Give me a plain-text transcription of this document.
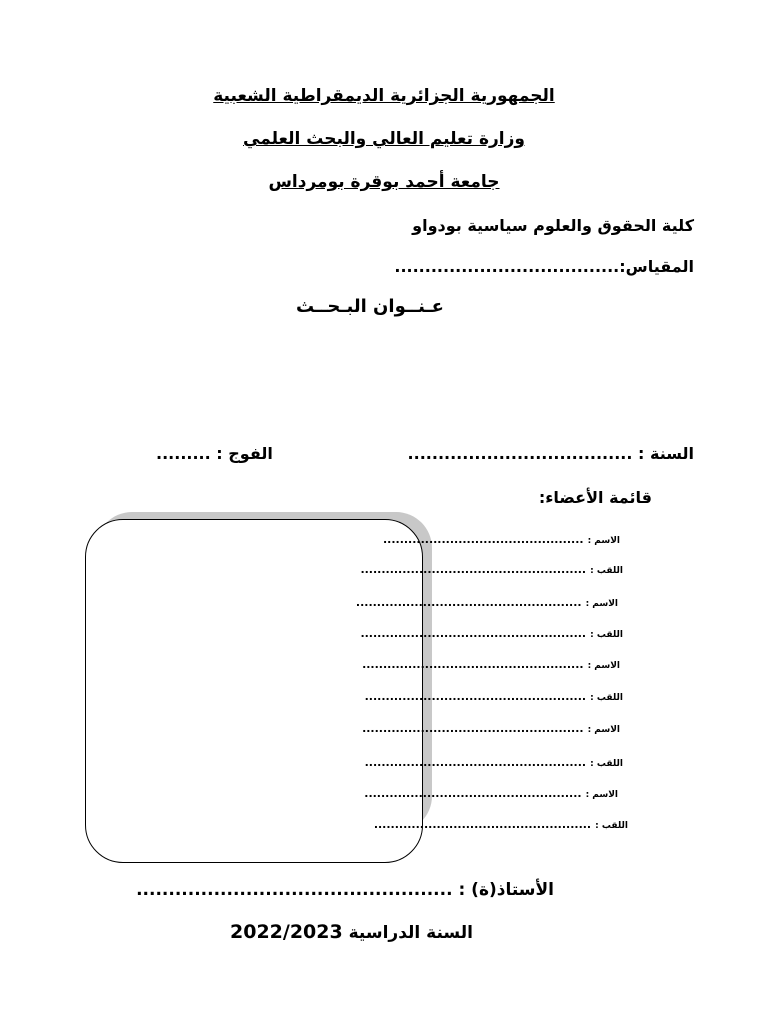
الجمهورية الجزائرية الديمقراطية الشعبية
وزارة تعليم العالي والبحث العلمي
جامعة أحمد بوقرة بومرداس
كلية الحقوق والعلوم سياسية بودواو
المقياس:.....................................
عـنــوان البـحــث
السنة : .....................................
الفوج : .........
قائمة الأعضاء:
الاسم :
................................................
اللقب :
......................................................
الاسم :
......................................................
اللقب :
......................................................
الاسم :
.....................................................
اللقب :
.....................................................
الاسم :
.....................................................
اللقب :
.....................................................
الاسم :
....................................................
اللقب :
....................................................
الأستاذ(ة) : .................................................
السنة الدراسية 2022/2023
